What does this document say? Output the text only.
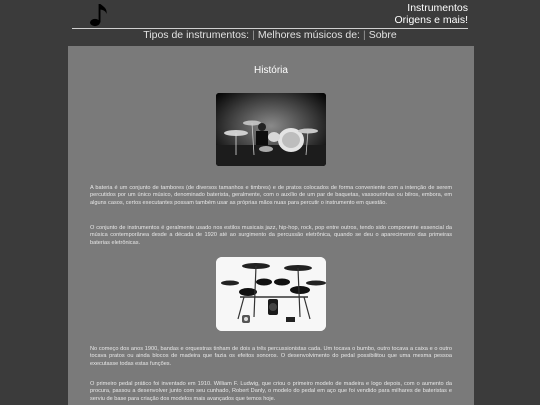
Instrumentos
Origens e mais!
Tipos de instrumentos: | Melhores músicos de: | Sobre
História

A bateria é um conjunto de tambores (de diversos tamanhos e timbres) e de pratos colocados de forma conveniente com a intenção de serem percutidos por um único músico, denominado baterista, geralmente, com o auxílio de um par de baquetas, vassourinhas ou bilros, embora, em alguns casos, certos executantes possam também usar as próprias mãos nuas para percutir o instrumento em questão.

O conjunto de instrumentos é geralmente usado nos estilos musicais jazz, hip-hop, rock, pop entre outros, tendo sido componente essencial da música contemporânea desde a década de 1920 até ao surgimento da percussão eletrônica, quando se deu o aparecimento das primeiras baterias eletrônicas.

No começo dos anos 1900, bandas e orquestras tinham de dois a três percussionistas cada. Um tocava o bumbo, outro tocava a caixa e o outro tocava pratos ou ainda blocos de madeira que fazia os efeitos sonoros. O desenvolvimento do pedal possibilitou que uma mesma pessoa executasse todas estas funções.

O primeiro pedal prático foi inventado em 1910. William F. Ludwig, que criou o primeiro modelo de madeira e logo depois, com o aumento da procura, passou a desenvolver junto com seu cunhado, Robert Danly, o modelo do pedal em aço que foi vendido para milhares de bateristas e serviu de base para criação dos modelos mais avançados que temos hoje.
